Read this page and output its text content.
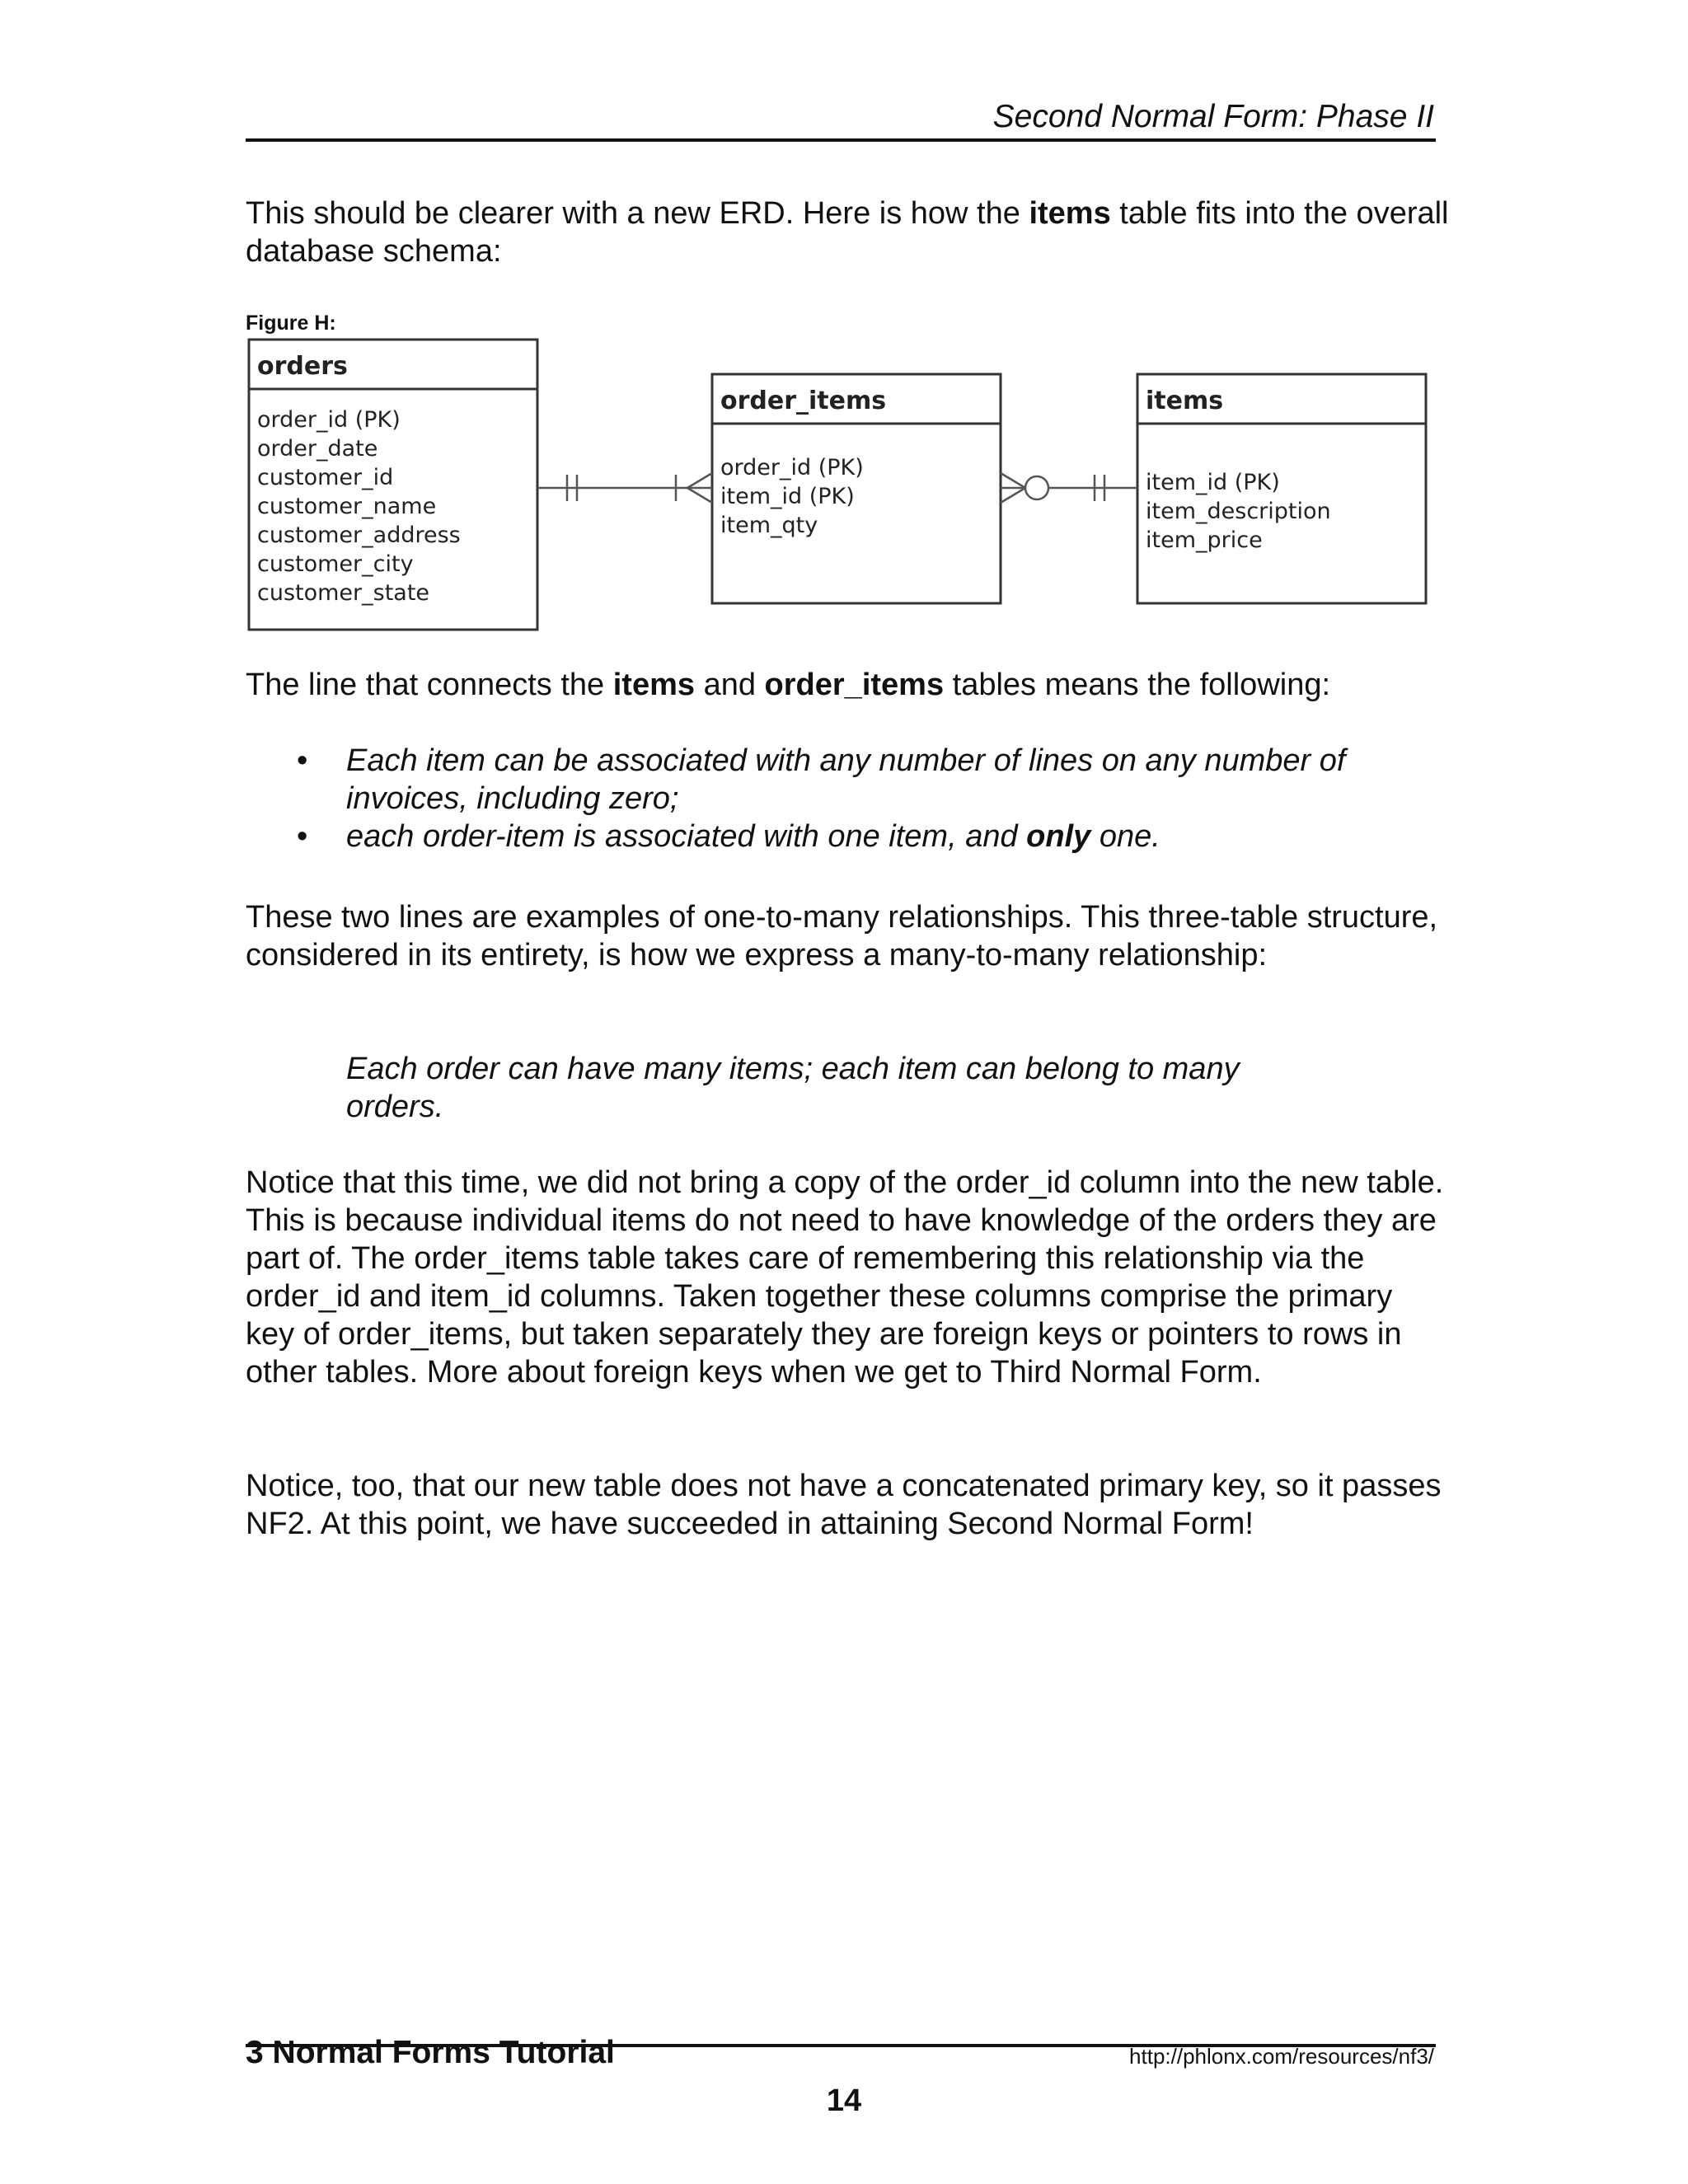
Second Normal Form: Phase II

This should be clearer with a new ERD. Here is how the items table fits into the overall database schema:

Figure H:
orders
order_id (PK)
order_date
customer_id
customer_name
customer_address
customer_city
customer_state
order_items
order_id (PK)
item_id (PK)
item_qty
items
item_id (PK)
item_description
item_price

The line that connects the items and order_items tables means the following:

• Each item can be associated with any number of lines on any number of invoices, including zero;
• each order-item is associated with one item, and only one.

These two lines are examples of one-to-many relationships. This three-table structure, considered in its entirety, is how we express a many-to-many relationship:

Each order can have many items; each item can belong to many orders.

Notice that this time, we did not bring a copy of the order_id column into the new table. This is because individual items do not need to have knowledge of the orders they are part of. The order_items table takes care of remembering this relationship via the order_id and item_id columns. Taken together these columns comprise the primary key of order_items, but taken separately they are foreign keys or pointers to rows in other tables. More about foreign keys when we get to Third Normal Form.

Notice, too, that our new table does not have a concatenated primary key, so it passes NF2. At this point, we have succeeded in attaining Second Normal Form!

3 Normal Forms Tutorial	http://phlonx.com/resources/nf3/
14
